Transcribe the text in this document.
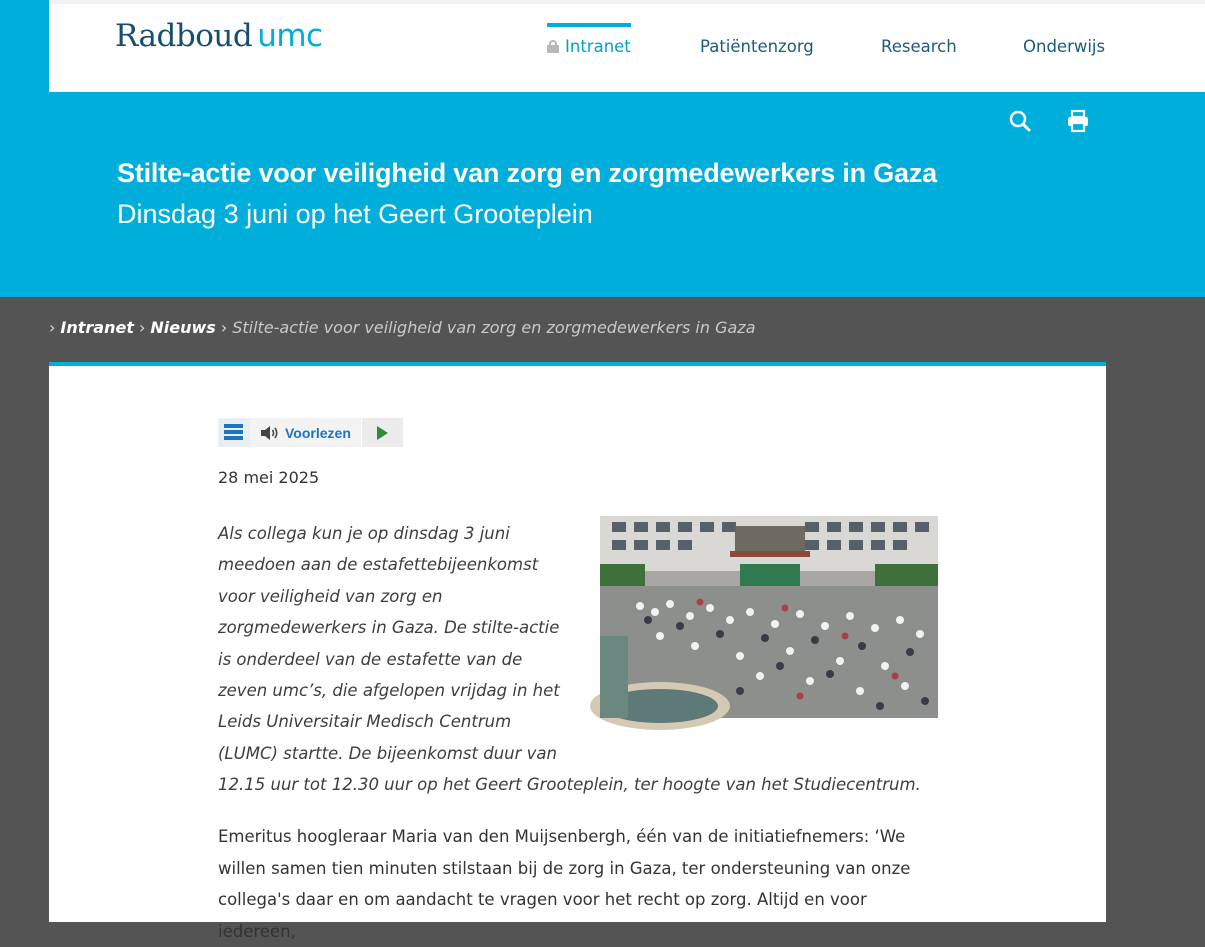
Radboud umc	Intranet	Patiëntenzorg	Research	Onderwijs
Stilte-actie voor veiligheid van zorg en zorgmedewerkers in Gaza
Dinsdag 3 juni op het Geert Grooteplein
› Intranet › Nieuws › Stilte-actie voor veiligheid van zorg en zorgmedewerkers in Gaza
Voorlezen
28 mei 2025
Als collega kun je op dinsdag 3 juni meedoen aan de estafettebijeenkomst voor veiligheid van zorg en zorgmedewerkers in Gaza. De stilte-actie is onderdeel van de estafette van de zeven umc’s, die afgelopen vrijdag in het Leids Universitair Medisch Centrum (LUMC) startte. De bijeenkomst duur van 12.15 uur tot 12.30 uur op het Geert Grooteplein, ter hoogte van het Studiecentrum.
Emeritus hoogleraar Maria van den Muijsenbergh, één van de initiatiefnemers: ‘We willen samen tien minuten stilstaan bij de zorg in Gaza, ter ondersteuning van onze collega's daar en om aandacht te vragen voor het recht op zorg. Altijd en voor iedereen,
